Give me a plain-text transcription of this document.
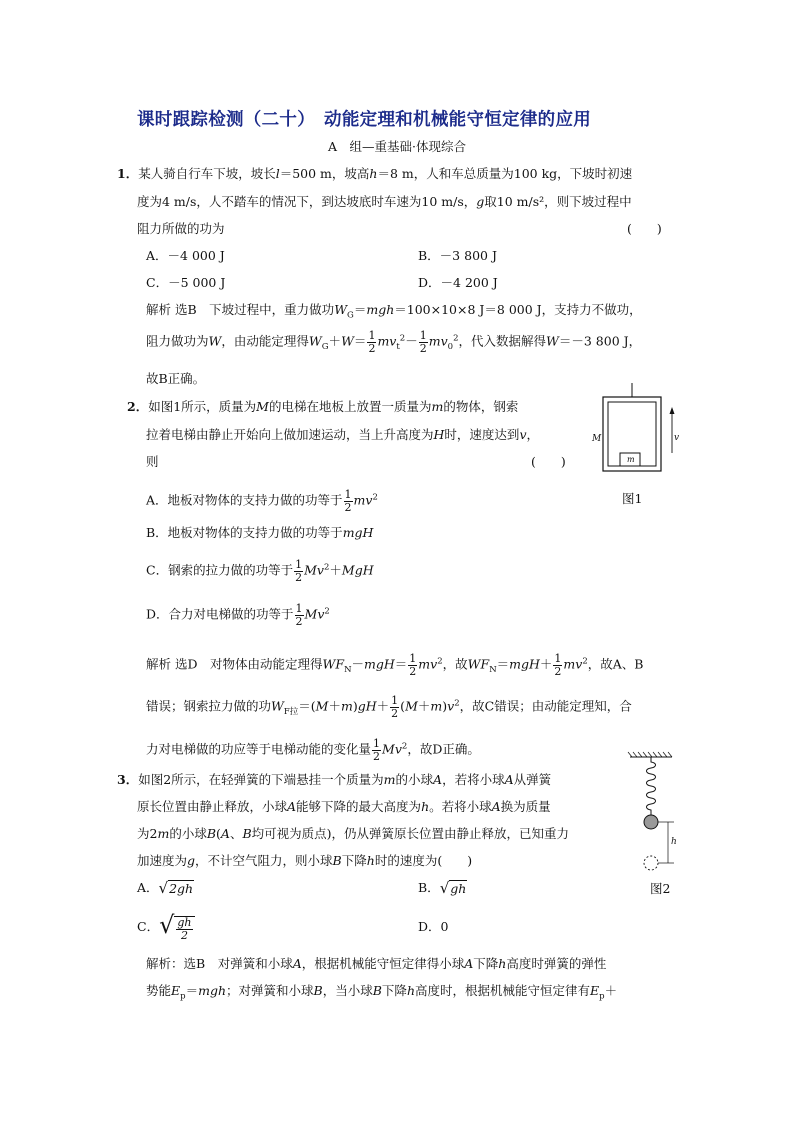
课时跟踪检测（二十）　动能定理和机械能守恒定律的应用
A　组—重基础·体现综合
1．某人骑自行车下坡，坡长l＝500 m，坡高h＝8 m，人和车总质量为100 kg，下坡时初速
度为4 m/s，人不踏车的情况下，到达坡底时车速为10 m/s，g取10 m/s²，则下坡过程中
阻力所做的功为	(　　)
A．－4 000 J	B．－3 800 J
C．－5 000 J	D．－4 200 J
解析 选B　下坡过程中，重力做功$W_G=mgh=100\times 10\times 8$ J＝8 000 J，支持力不做功，
阻力做功为W，由动能定理得$W_G+W= \frac{1}{2} mv_t^2- \frac{1}{2} mv_0^2$，代入数据解得W＝－3 800 J，
故B正确。
2．如图1所示，质量为M的电梯在地板上放置一质量为m的物体，钢索
拉着电梯由静止开始向上做加速运动，当上升高度为H时，速度达到v，
则	(　　)
A．地板对物体的支持力做的功等于 $\frac{1}{2} mv^2$
B．地板对物体的支持力做的功等于mgH
C．钢索的拉力做的功等于 $\frac{1}{2} Mv^2+MgH$
D．合力对电梯做的功等于 $\frac{1}{2} Mv^2$
M
m
v
图1
解析 选D　对物体由动能定理得$WF_N-mgH= \frac{1}{2} mv^2$，故$WF_N=mgH+ \frac{1}{2} mv^2$，故A、B
错误；钢索拉力做的功$W_{F拉}=(M+m)gH+ \frac{1}{2} (M+m)v^2$，故C错误；由动能定理知，合
力对电梯做的功应等于电梯动能的变化量 $\frac{1}{2} Mv^2$，故D正确。
3．如图2所示，在轻弹簧的下端悬挂一个质量为m的小球A，若将小球A从弹簧
原长位置由静止释放，小球A能够下降的最大高度为h。若将小球A换为质量
为2m的小球B(A、B均可视为质点)，仍从弹簧原长位置由静止释放，已知重力
加速度为g，不计空气阻力，则小球B下降h时的速度为(　　)
A．√2gh	B．√gh
C．√ $\frac{gh}{2}$	D．0
h
图2
解析：选B　对弹簧和小球A，根据机械能守恒定律得小球A下降h高度时弹簧的弹性
势能$E_p=mgh$；对弹簧和小球B，当小球B下降h高度时，根据机械能守恒定律有$E_p+$
